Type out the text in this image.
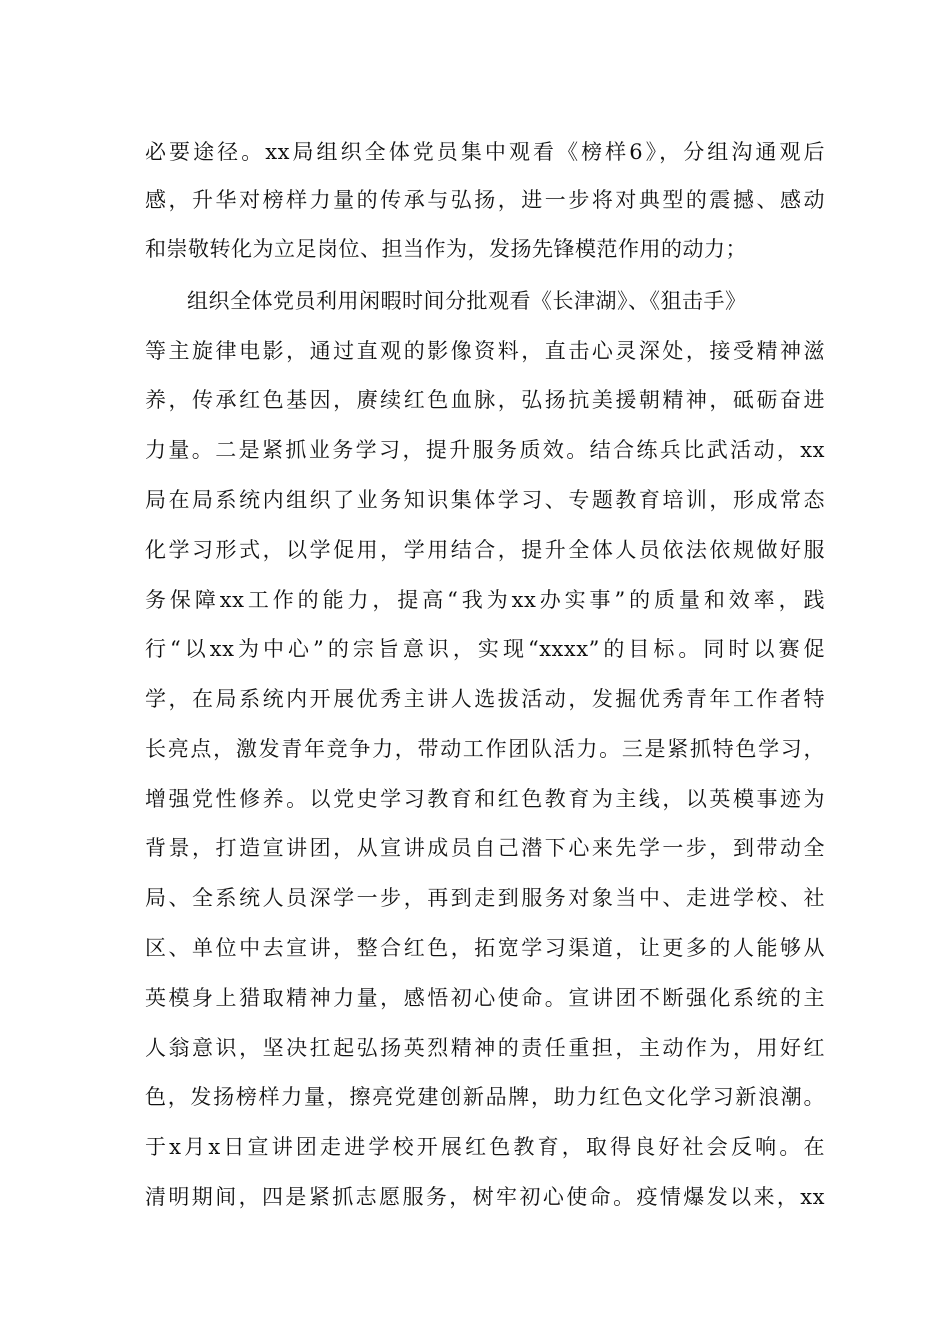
必要途径。xx局组织全体党员集中观看《榜样6》，分组沟通观后
感，升华对榜样力量的传承与弘扬，进一步将对典型的震撼、感动
和崇敬转化为立足岗位、担当作为，发扬先锋模范作用的动力；
组织全体党员利用闲暇时间分批观看《长津湖》、《狙击手》
等主旋律电影，通过直观的影像资料，直击心灵深处，接受精神滋
养，传承红色基因，赓续红色血脉，弘扬抗美援朝精神，砥砺奋进
力量。二是紧抓业务学习，提升服务质效。结合练兵比武活动，xx
局在局系统内组织了业务知识集体学习、专题教育培训，形成常态
化学习形式，以学促用，学用结合，提升全体人员依法依规做好服
务保障xx工作的能力，提高“我为xx办实事”的质量和效率，践
行“以xx为中心”的宗旨意识，实现“xxxx”的目标。同时以赛促
学，在局系统内开展优秀主讲人选拔活动，发掘优秀青年工作者特
长亮点，激发青年竞争力，带动工作团队活力。三是紧抓特色学习，
增强党性修养。以党史学习教育和红色教育为主线，以英模事迹为
背景，打造宣讲团，从宣讲成员自己潜下心来先学一步，到带动全
局、全系统人员深学一步，再到走到服务对象当中、走进学校、社
区、单位中去宣讲，整合红色，拓宽学习渠道，让更多的人能够从
英模身上猎取精神力量，感悟初心使命。宣讲团不断强化系统的主
人翁意识，坚决扛起弘扬英烈精神的责任重担，主动作为，用好红
色，发扬榜样力量，擦亮党建创新品牌，助力红色文化学习新浪潮。
于x月x日宣讲团走进学校开展红色教育，取得良好社会反响。在
清明期间，四是紧抓志愿服务，树牢初心使命。疫情爆发以来，xx
